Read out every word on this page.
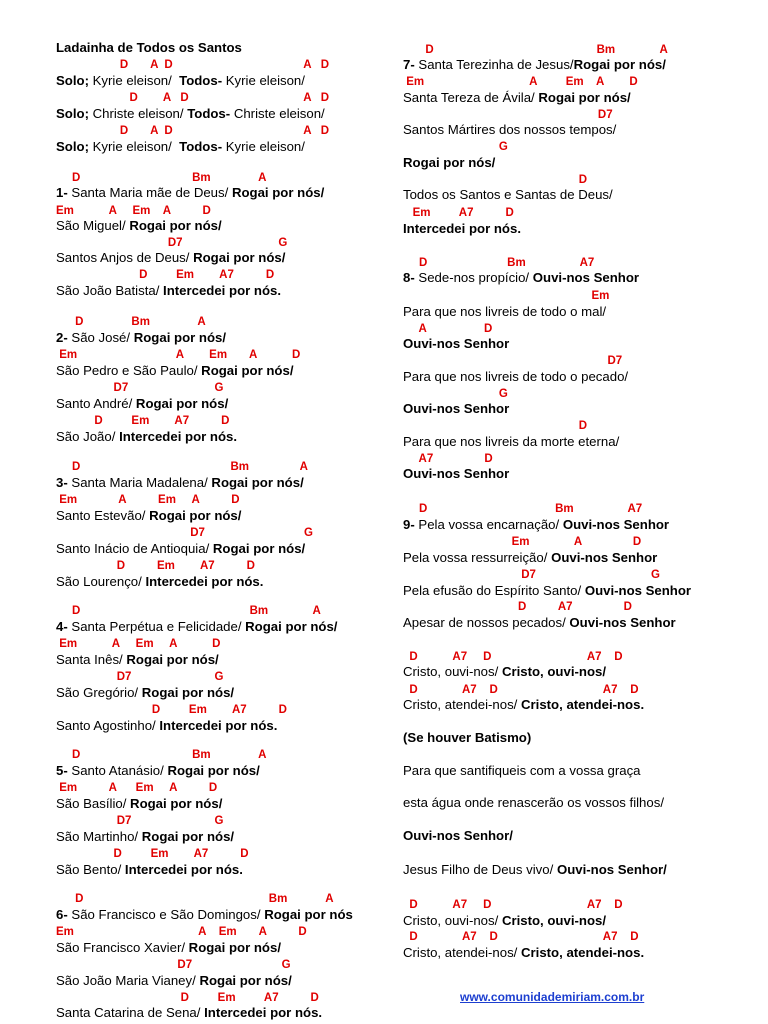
Ladainha de Todos os Santos
D       A  D                                         A   D
Solo; Kyrie eleison/  Todos- Kyrie eleison/
D        A   D                                    A   D
Solo; Christe eleison/ Todos- Christe eleison/
D       A  D                                         A   D
Solo; Kyrie eleison/  Todos- Kyrie eleison/
D                                   Bm               A
1- Santa Maria mãe de Deus/ Rogai por nós/
Em           A     Em    A          D
São Miguel/ Rogai por nós/
D7                              G
Santos Anjos de Deus/ Rogai por nós/
D         Em        A7          D
São João Batista/ Intercedei por nós.
D               Bm               A
2- São José/ Rogai por nós/
Em                               A        Em       A           D
São Pedro e São Paulo/ Rogai por nós/
D7                           G
Santo André/ Rogai por nós/
D         Em        A7          D
São João/ Intercedei por nós.
D                                               Bm                A
3- Santa Maria Madalena/ Rogai por nós/
Em             A          Em     A          D
Santo Estevão/ Rogai por nós/
D7                               G
Santo Inácio de Antioquia/ Rogai por nós/
D          Em        A7          D
São Lourenço/ Intercedei por nós.
D                                                     Bm              A
4- Santa Perpétua e Felicidade/ Rogai por nós/
Em           A     Em     A           D
Santa Inês/ Rogai por nós/
D7                          G
São Gregório/ Rogai por nós/
D         Em        A7          D
Santo Agostinho/ Intercedei por nós.
D                                   Bm               A
5- Santo Atanásio/ Rogai por nós/
Em          A      Em     A          D
São Basílio/ Rogai por nós/
D7                          G
São Martinho/ Rogai por nós/
D         Em        A7          D
São Bento/ Intercedei por nós.
D                                                          Bm            A
6- São Francisco e São Domingos/ Rogai por nós
Em                                       A    Em       A          D
São Francisco Xavier/ Rogai por nós/
D7                            G
São João Maria Vianey/ Rogai por nós/
D         Em         A7          D
Santa Catarina de Sena/ Intercedei por nós.
D                                                   Bm              A
7- Santa Terezinha de Jesus/Rogai por nós/
Em                                 A         Em    A        D
Santa Tereza de Ávila/ Rogai por nós/
D7
Santos Mártires dos nossos tempos/
G
Rogai por nós/
D
Todos os Santos e Santas de Deus/
Em         A7          D
Intercedei por nós.
D                         Bm                 A7
8- Sede-nos propício/ Ouvi-nos Senhor
Em
Para que nos livreis de todo o mal/
A                  D
Ouvi-nos Senhor
D7
Para que nos livreis de todo o pecado/
G
Ouvi-nos Senhor
D
Para que nos livreis da morte eterna/
A7                D
Ouvi-nos Senhor
D                                        Bm                 A7
9- Pela vossa encarnação/ Ouvi-nos Senhor
Em              A                D
Pela vossa ressurreição/ Ouvi-nos Senhor
D7                                    G
Pela efusão do Espírito Santo/ Ouvi-nos Senhor
D          A7                D
Apesar de nossos pecados/ Ouvi-nos Senhor
D           A7     D                              A7    D
Cristo, ouvi-nos/ Cristo, ouvi-nos/
D              A7    D                                 A7    D
Cristo, atendei-nos/ Cristo, atendei-nos.
(Se houver Batismo)
Para que santifiqueis com a vossa graça
esta água onde renascerão os vossos filhos/
Ouvi-nos Senhor/
Jesus Filho de Deus vivo/ Ouvi-nos Senhor/
D           A7     D                              A7    D
Cristo, ouvi-nos/ Cristo, ouvi-nos/
D              A7    D                                 A7    D
Cristo, atendei-nos/ Cristo, atendei-nos.
www.comunidademiriam.com.br
